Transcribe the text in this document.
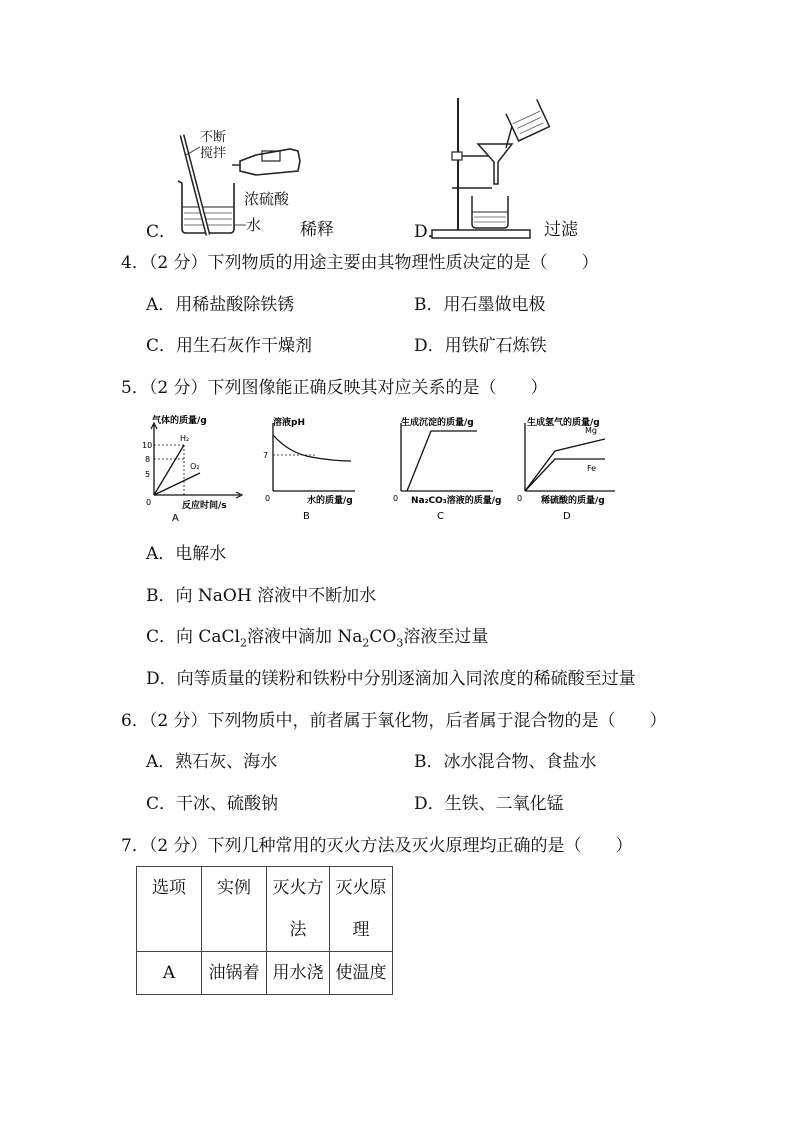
不断
搅拌
浓硫酸
水
C．	稀释	D．	过滤
4．（2 分）下列物质的用途主要由其物理性质决定的是（　　）
A．用稀盐酸除铁锈	B．用石墨做电极
C．用生石灰作干燥剂	D．用铁矿石炼铁
5．（2 分）下列图像能正确反映其对应关系的是（　　）
气体的质量/g
10
8
5
0
H₂
O₂
反应时间/s
A
溶液pH
7
0	水的质量/g
B
生成沉淀的质量/g
0 Na₂CO₃溶液的质量/g
C
生成氢气的质量/g
Mg
Fe
0 稀硫酸的质量/g
D
A．电解水
B．向 NaOH 溶液中不断加水
C．向 CaCl$_2$溶液中滴加 $Na_2CO_3$溶液至过量
D．向等质量的镁粉和铁粉中分别逐滴加入同浓度的稀硫酸至过量
6．（2 分）下列物质中，前者属于氧化物，后者属于混合物的是（　　）
A．熟石灰、海水	B．冰水混合物、食盐水
C．干冰、硫酸钠	D．生铁、二氧化锰
7．（2 分）下列几种常用的灭火方法及灭火原理均正确的是（　　）
选项	实例	灭火方法	灭火原理
A	油锅着	用水浇	使温度
